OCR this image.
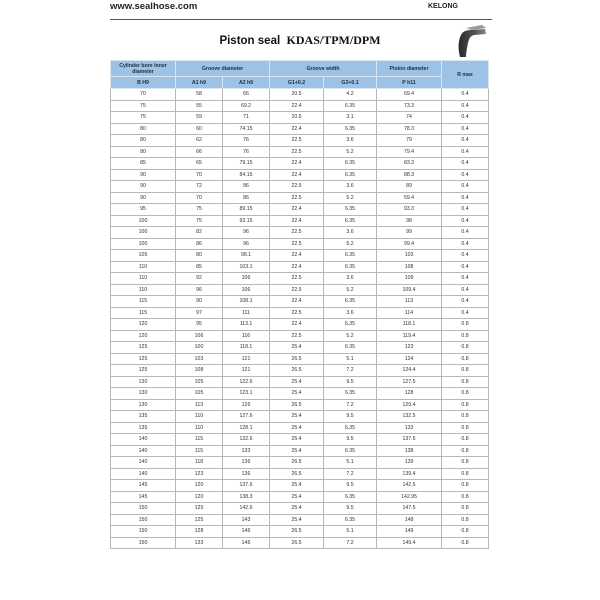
www.sealhose.com	KELONG
Piston seal KDAS/TPM/DPM
Cylinder bore inner diameter	Groove diameter		Groove width		Piston diameter	R max
B H9	A1 h9	A2 h9	G1+0.2	G2+0.1	P h11	
70	58	66	20.5	4.2	69.4	0.4
75	55	69.2	22.4	6.35	73.3	0.4
75	59	71	20.5	3.1	74	0.4
80	60	74.15	22.4	6.35	78.3	0.4
80	62	76	22.5	3.6	79	0.4
80	66	76	22.5	5.2	79.4	0.4
85	65	79.15	22.4	6.35	83.3	0.4
90	70	84.15	22.4	6.35	88.3	0.4
90	72	86	22.5	3.6	89	0.4
90	70	86	22.5	5.2	59.4	0.4
95	75	89.15	22.4	6.35	93.3	0.4
100	75	93.15	22.4	6.35	98	0.4
100	82	96	22.5	3.6	99	0.4
100	86	96	22.5	5.2	99.4	0.4
105	80	98.1	22.4	6.35	103	0.4
110	85	103.1	22.4	6.35	108	0.4
110	92	106	22.5	3.6	109	0.4
110	96	106	22.5	5.2	109.4	0.4
115	90	108.1	22.4	6.35	113	0.4
115	97	111	22.5	3.6	114	0.4
120	95	113.1	22.4	6.35	118.1	0.8
120	106	116	22.5	5.2	119.4	0.8
125	100	118.1	25.4	6.35	123	0.8
125	103	121	26.5	5.1	124	0.8
125	108	121	26.5	7.2	124.4	0.8
130	105	122.6	25.4	9.5	127.5	0.8
130	105	123.1	25.4	6.35	128	0.8
130	113	126	26.5	7.2	129.4	0.8
135	110	127.6	25.4	9.5	132.5	0.8
135	110	128.1	25.4	6.35	133	0.8
140	115	132.6	25.4	9.5	137.5	0.8
140	115	133	25.4	6.35	138	0.8
140	118	136	26.5	5.1	139	0.8
140	123	136	26.5	7.2	139.4	0.8
145	120	137.6	25.4	9.5	142.5	0.8
145	120	138.3	25.4	6.35	142.95	0.8
150	125	142.6	25.4	9.5	147.5	0.8
150	125	143	25.4	6.35	148	0.8
150	128	146	26.5	5.1	149	0.8
150	133	146	26.5	7.2	149.4	0.8
